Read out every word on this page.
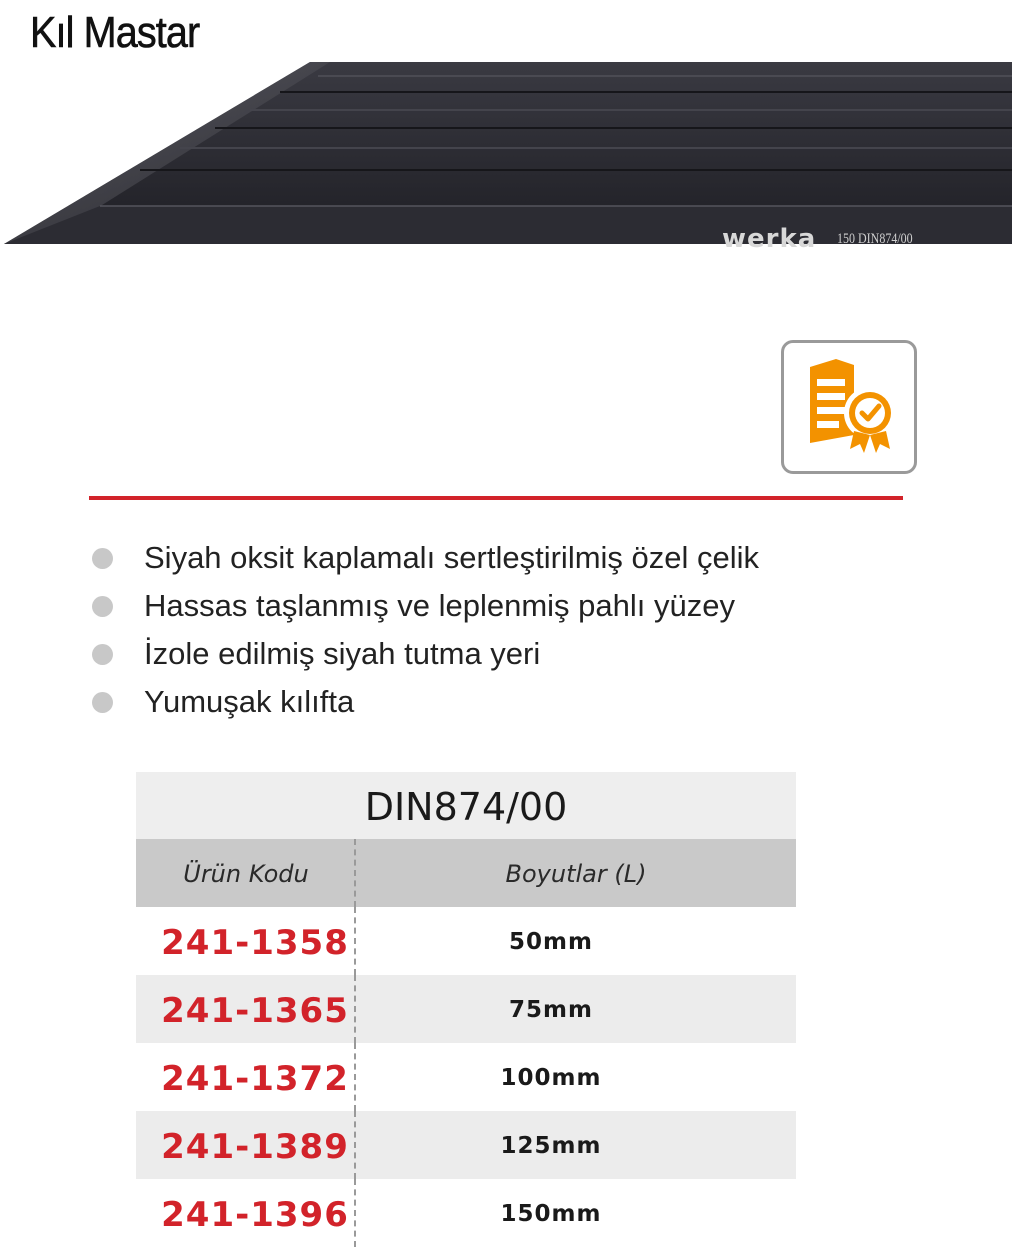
Kıl Mastar
werka 150 DIN874/00
Siyah oksit kaplamalı sertleştirilmiş özel çelik
Hassas taşlanmış ve leplenmiş pahlı yüzey
İzole edilmiş siyah tutma yeri
Yumuşak kılıfta
DIN874/00
Ürün Kodu	Boyutlar (L)
241-1358	50mm
241-1365	75mm
241-1372	100mm
241-1389	125mm
241-1396	150mm
